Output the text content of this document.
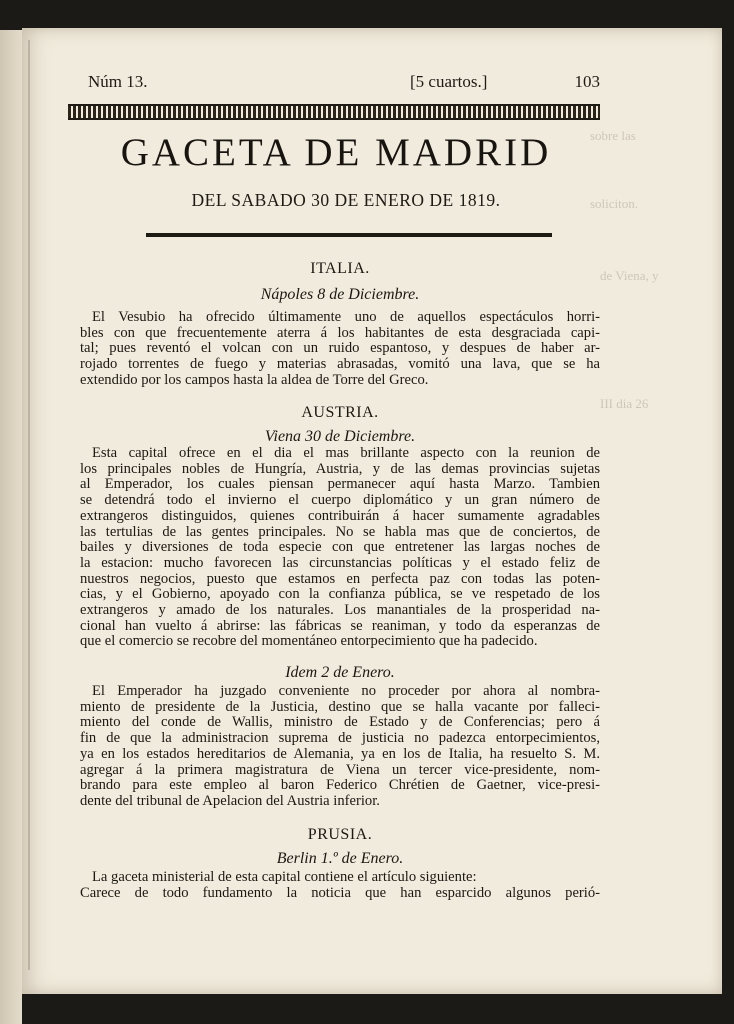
sobre las
soliciton.
de Viena, y
III dia 26
Núm 13.	[5 cuartos.]	103
GACETA DE MADRID
DEL SABADO 30 DE ENERO DE 1819.
ITALIA.
Nápoles 8 de Diciembre.
El Vesubio ha ofrecido últimamente uno de aquellos espectáculos horri-
bles con que frecuentemente aterra á los habitantes de esta desgraciada capi-
tal; pues reventó el volcan con un ruido espantoso, y despues de haber ar-
rojado torrentes de fuego y materias abrasadas, vomitó una lava, que se ha
extendido por los campos hasta la aldea de Torre del Greco.
AUSTRIA.
Viena 30 de Diciembre.
Esta capital ofrece en el dia el mas brillante aspecto con la reunion de
los principales nobles de Hungría, Austria, y de las demas provincias sujetas
al Emperador, los cuales piensan permanecer aquí hasta Marzo. Tambien
se detendrá todo el invierno el cuerpo diplomático y un gran número de
extrangeros distinguidos, quienes contribuirán á hacer sumamente agradables
las tertulias de las gentes principales. No se habla mas que de conciertos, de
bailes y diversiones de toda especie con que entretener las largas noches de
la estacion: mucho favorecen las circunstancias políticas y el estado feliz de
nuestros negocios, puesto que estamos en perfecta paz con todas las poten-
cias, y el Gobierno, apoyado con la confianza pública, se ve respetado de los
extrangeros y amado de los naturales. Los manantiales de la prosperidad na-
cional han vuelto á abrirse: las fábricas se reaniman, y todo da esperanzas de
que el comercio se recobre del momentáneo entorpecimiento que ha padecido.
Idem 2 de Enero.
El Emperador ha juzgado conveniente no proceder por ahora al nombra-
miento de presidente de la Justicia, destino que se halla vacante por falleci-
miento del conde de Wallis, ministro de Estado y de Conferencias; pero á
fin de que la administracion suprema de justicia no padezca entorpecimientos,
ya en los estados hereditarios de Alemania, ya en los de Italia, ha resuelto S. M.
agregar á la primera magistratura de Viena un tercer vice-presidente, nom-
brando para este empleo al baron Federico Chrétien de Gaetner, vice-presi-
dente del tribunal de Apelacion del Austria inferior.
PRUSIA.
Berlin 1.º de Enero.
La gaceta ministerial de esta capital contiene el artículo siguiente:
Carece de todo fundamento la noticia que han esparcido algunos perió-
